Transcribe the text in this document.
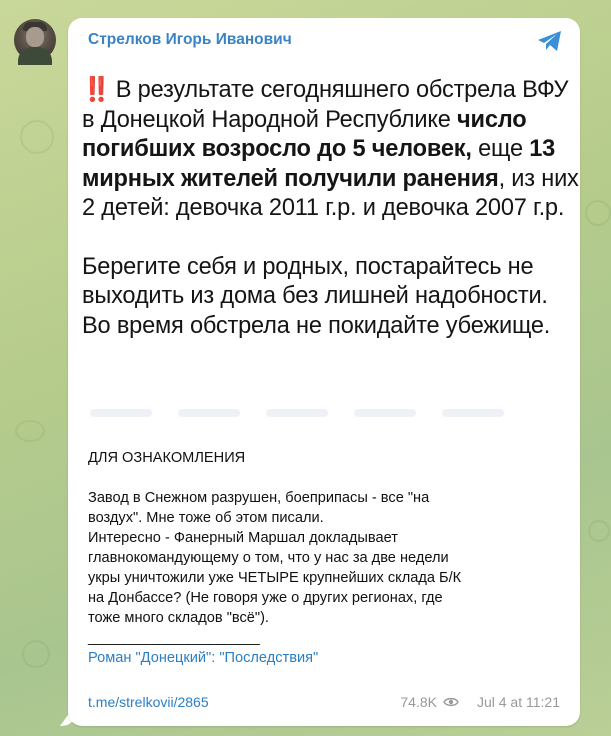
Стрелков Игорь Иванович
‼️ В результате сегодняшнего обстрела ВФУ в Донецкой Народной Республике число погибших возросло до 5 человек, еще 13 мирных жителей получили ранения, из них 2 детей: девочка 2011 г.р. и девочка 2007 г.р.
Берегите себя и родных, постарайтесь не выходить из дома без лишней надобности. Во время обстрела не покидайте убежище.
ДЛЯ ОЗНАКОМЛЕНИЯ
Завод в Снежном разрушен, боеприпасы - все "на
воздух". Мне тоже об этом писали.
Интересно - Фанерный Маршал докладывает
главнокомандующему о том, что у нас за две недели
укры уничтожили уже ЧЕТЫРЕ крупнейших склада Б/К
на Донбассе? (Не говоря уже о других регионах, где
тоже много складов "всё").
________________________
Роман "Донецкий": "Последствия"
t.me/strelkovii/2865	74.8K	Jul 4 at 11:21
